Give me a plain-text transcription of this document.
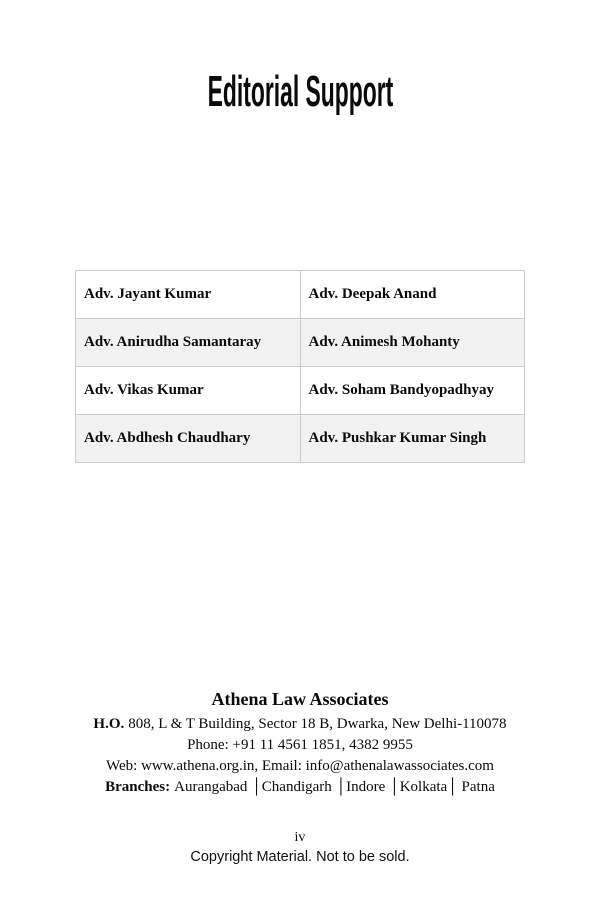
Editorial Support
Adv. Jayant Kumar	Adv. Deepak Anand
Adv. Anirudha Samantaray	Adv. Animesh Mohanty
Adv. Vikas Kumar	Adv. Soham Bandyopadhyay
Adv. Abdhesh Chaudhary	Adv. Pushkar Kumar Singh
Athena Law Associates
H.O. 808, L & T Building, Sector 18 B, Dwarka, New Delhi-110078
Phone: +91 11 4561 1851, 4382 9955
Web: www.athena.org.in, Email: info@athenalawassociates.com
Branches: Aurangabad │Chandigarh │Indore │Kolkata│ Patna
iv
Copyright Material. Not to be sold.
